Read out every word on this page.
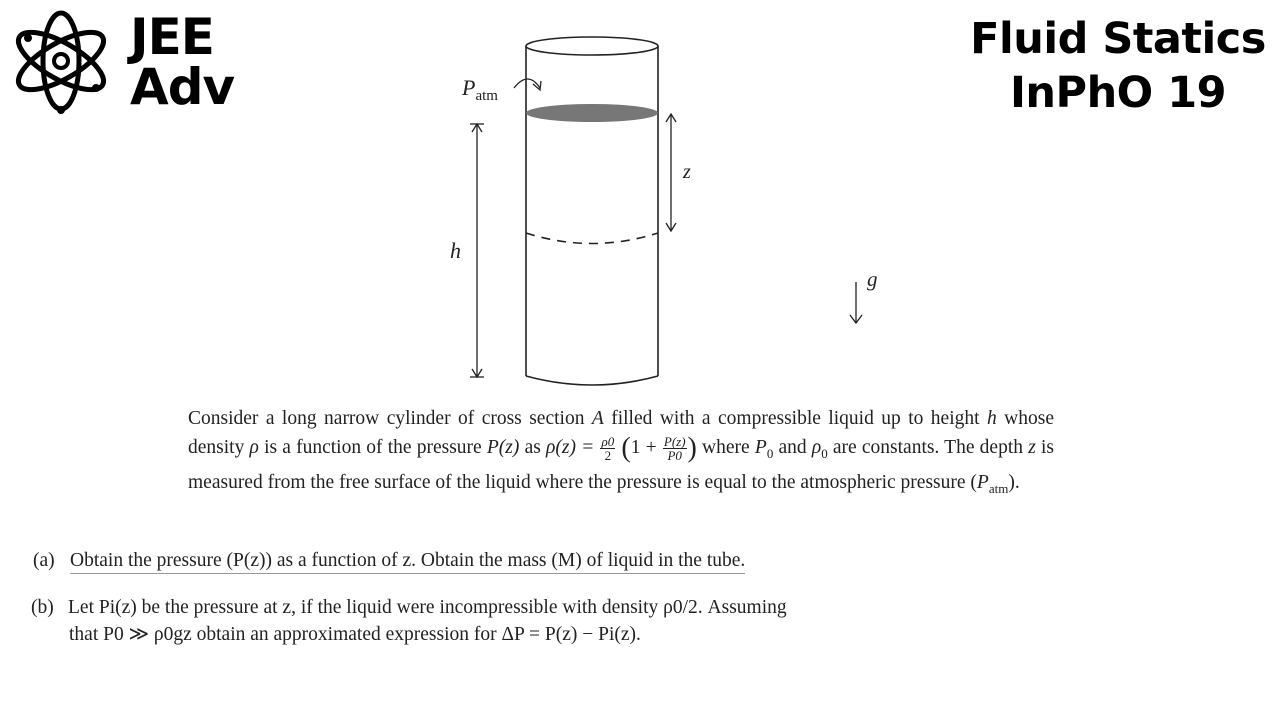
JEE
Adv
Fluid Statics
InPhO 19
$P_{atm}$
z
h
g
Consider a long narrow cylinder of cross section A filled with a compressible liquid up to height h whose density ρ is a function of the pressure P(z) as $\rho(z) = \frac{\rho 0}{2} (1 + \frac{P(z)}{P0}$ ) where $P_0$ and $\rho_0$ are constants. The depth z is measured from the free surface of the liquid where the pressure is equal to the atmospheric pressure $(P_{atm})$.
(a) Obtain the pressure (P(z)) as a function of z. Obtain the mass (M) of liquid in the tube.
(b) Let Pi(z) be the pressure at z, if the liquid were incompressible with density ρ0/2. Assuming
that P0 ≫ ρ0gz obtain an approximated expression for ΔP = P(z) − Pi(z).
